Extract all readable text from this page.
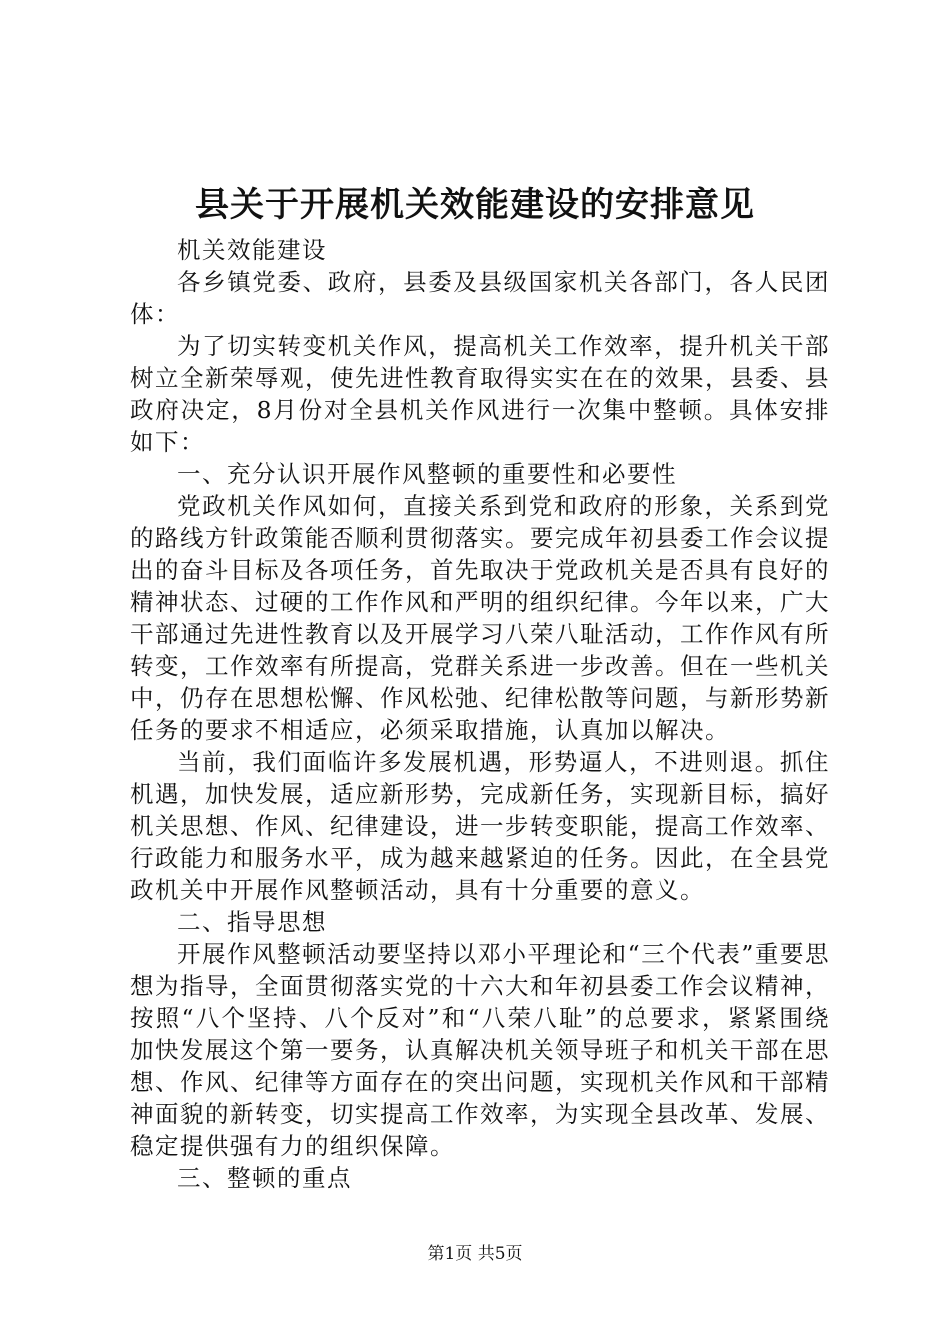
县关于开展机关效能建设的安排意见

机关效能建设

各乡镇党委、政府，县委及县级国家机关各部门，各人民团体：

为了切实转变机关作风，提高机关工作效率，提升机关干部树立全新荣辱观，使先进性教育取得实实在在的效果，县委、县政府决定，8月份对全县机关作风进行一次集中整顿。具体安排如下：

一、充分认识开展作风整顿的重要性和必要性

党政机关作风如何，直接关系到党和政府的形象，关系到党的路线方针政策能否顺利贯彻落实。要完成年初县委工作会议提出的奋斗目标及各项任务，首先取决于党政机关是否具有良好的精神状态、过硬的工作作风和严明的组织纪律。今年以来，广大干部通过先进性教育以及开展学习八荣八耻活动，工作作风有所转变，工作效率有所提高，党群关系进一步改善。但在一些机关中，仍存在思想松懈、作风松弛、纪律松散等问题，与新形势新任务的要求不相适应，必须采取措施，认真加以解决。

当前，我们面临许多发展机遇，形势逼人，不进则退。抓住机遇，加快发展，适应新形势，完成新任务，实现新目标，搞好机关思想、作风、纪律建设，进一步转变职能，提高工作效率、行政能力和服务水平，成为越来越紧迫的任务。因此，在全县党政机关中开展作风整顿活动，具有十分重要的意义。

二、指导思想

开展作风整顿活动要坚持以邓小平理论和“三个代表”重要思想为指导，全面贯彻落实党的十六大和年初县委工作会议精神，按照“八个坚持、八个反对”和“八荣八耻”的总要求，紧紧围绕加快发展这个第一要务，认真解决机关领导班子和机关干部在思想、作风、纪律等方面存在的突出问题，实现机关作风和干部精神面貌的新转变，切实提高工作效率，为实现全县改革、发展、稳定提供强有力的组织保障。

三、整顿的重点

第1页 共5页
